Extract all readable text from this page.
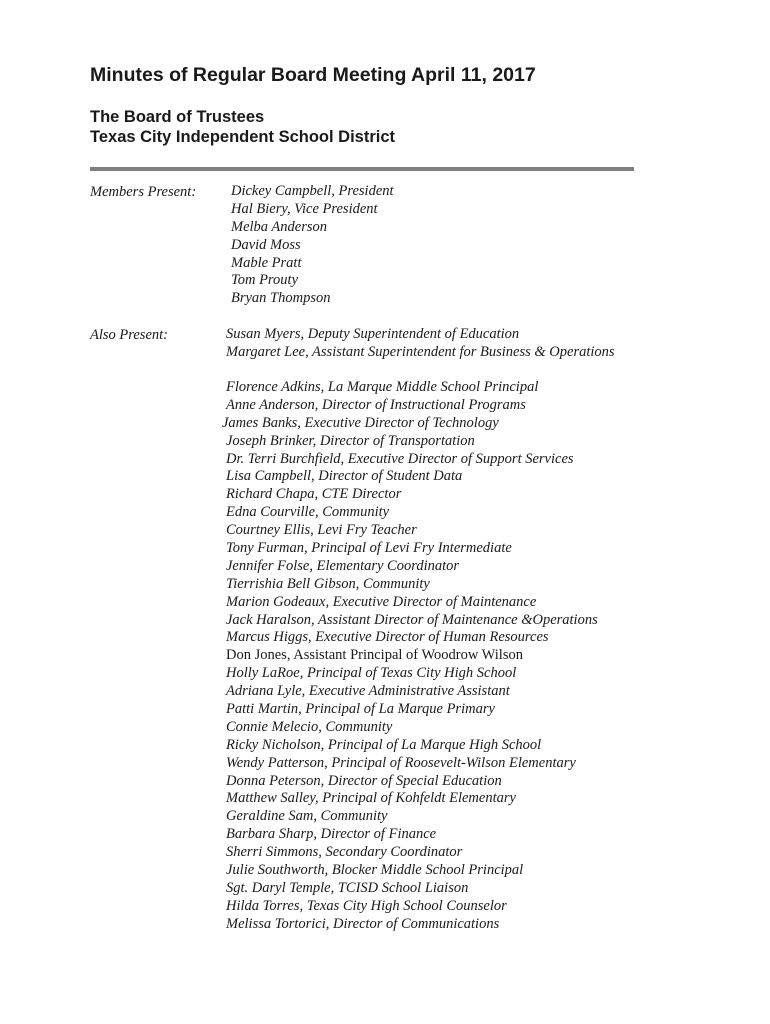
Minutes of Regular Board Meeting April 11, 2017
The Board of Trustees
Texas City Independent School District
Members Present: Dickey Campbell, President
Hal Biery, Vice President
Melba Anderson
David Moss
Mable Pratt
Tom Prouty
Bryan Thompson
Also Present:	Susan Myers, Deputy Superintendent of Education
Margaret Lee, Assistant Superintendent for Business & Operations
Florence Adkins, La Marque Middle School Principal
Anne Anderson, Director of Instructional Programs
James Banks, Executive Director of Technology
Joseph Brinker, Director of Transportation
Dr. Terri Burchfield, Executive Director of Support Services
Lisa Campbell, Director of Student Data
Richard Chapa, CTE Director
Edna Courville, Community
Courtney Ellis, Levi Fry Teacher
Tony Furman, Principal of Levi Fry Intermediate
Jennifer Folse, Elementary Coordinator
Tierrishia Bell Gibson, Community
Marion Godeaux, Executive Director of Maintenance
Jack Haralson, Assistant Director of Maintenance &Operations
Marcus Higgs, Executive Director of Human Resources
Don Jones, Assistant Principal of Woodrow Wilson
Holly LaRoe, Principal of Texas City High School
Adriana Lyle, Executive Administrative Assistant
Patti Martin, Principal of La Marque Primary
Connie Melecio, Community
Ricky Nicholson, Principal of La Marque High School
Wendy Patterson, Principal of Roosevelt-Wilson Elementary
Donna Peterson, Director of Special Education
Matthew Salley, Principal of Kohfeldt Elementary
Geraldine Sam, Community
Barbara Sharp, Director of Finance
Sherri Simmons, Secondary Coordinator
Julie Southworth, Blocker Middle School Principal
Sgt. Daryl Temple, TCISD School Liaison
Hilda Torres, Texas City High School Counselor
Melissa Tortorici, Director of Communications
